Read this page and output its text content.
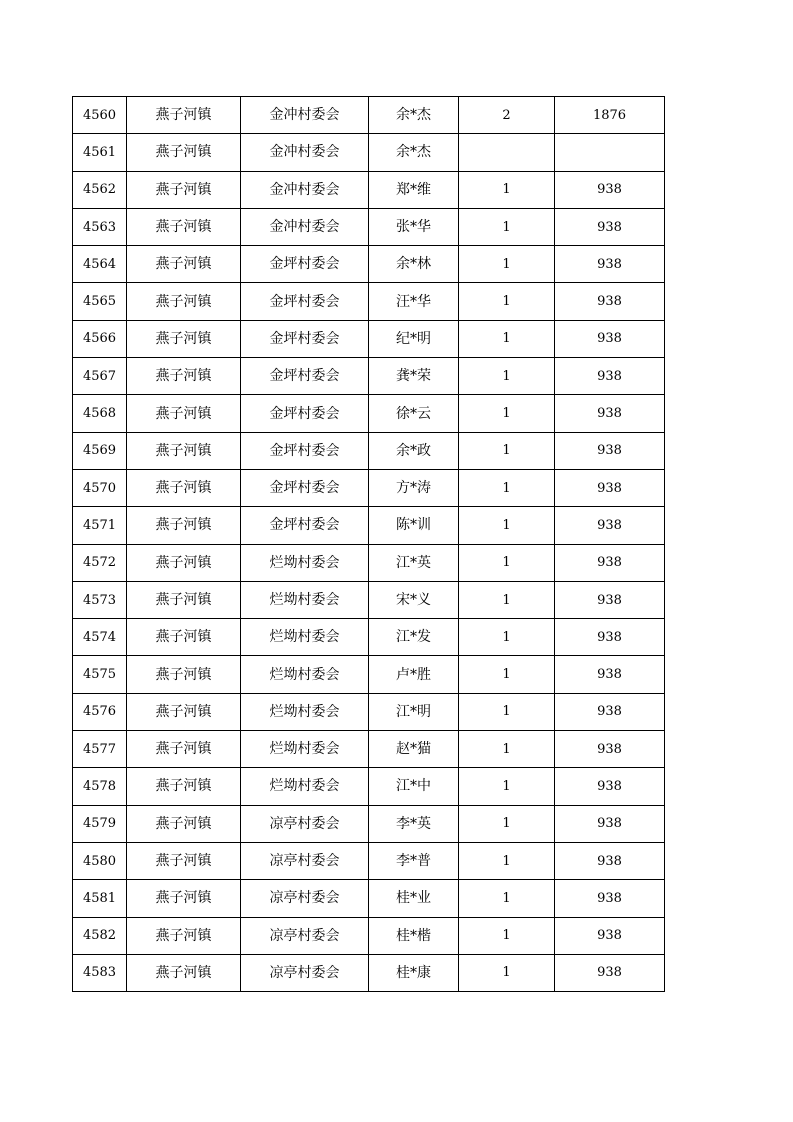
4560	燕子河镇	金冲村委会	余*杰	2	1876
4561	燕子河镇	金冲村委会	余*杰		
4562	燕子河镇	金冲村委会	郑*维	1	938
4563	燕子河镇	金冲村委会	张*华	1	938
4564	燕子河镇	金坪村委会	余*林	1	938
4565	燕子河镇	金坪村委会	汪*华	1	938
4566	燕子河镇	金坪村委会	纪*明	1	938
4567	燕子河镇	金坪村委会	龚*荣	1	938
4568	燕子河镇	金坪村委会	徐*云	1	938
4569	燕子河镇	金坪村委会	余*政	1	938
4570	燕子河镇	金坪村委会	方*涛	1	938
4571	燕子河镇	金坪村委会	陈*训	1	938
4572	燕子河镇	烂坳村委会	江*英	1	938
4573	燕子河镇	烂坳村委会	宋*义	1	938
4574	燕子河镇	烂坳村委会	江*发	1	938
4575	燕子河镇	烂坳村委会	卢*胜	1	938
4576	燕子河镇	烂坳村委会	江*明	1	938
4577	燕子河镇	烂坳村委会	赵*猫	1	938
4578	燕子河镇	烂坳村委会	江*中	1	938
4579	燕子河镇	凉亭村委会	李*英	1	938
4580	燕子河镇	凉亭村委会	李*普	1	938
4581	燕子河镇	凉亭村委会	桂*业	1	938
4582	燕子河镇	凉亭村委会	桂*楷	1	938
4583	燕子河镇	凉亭村委会	桂*康	1	938
